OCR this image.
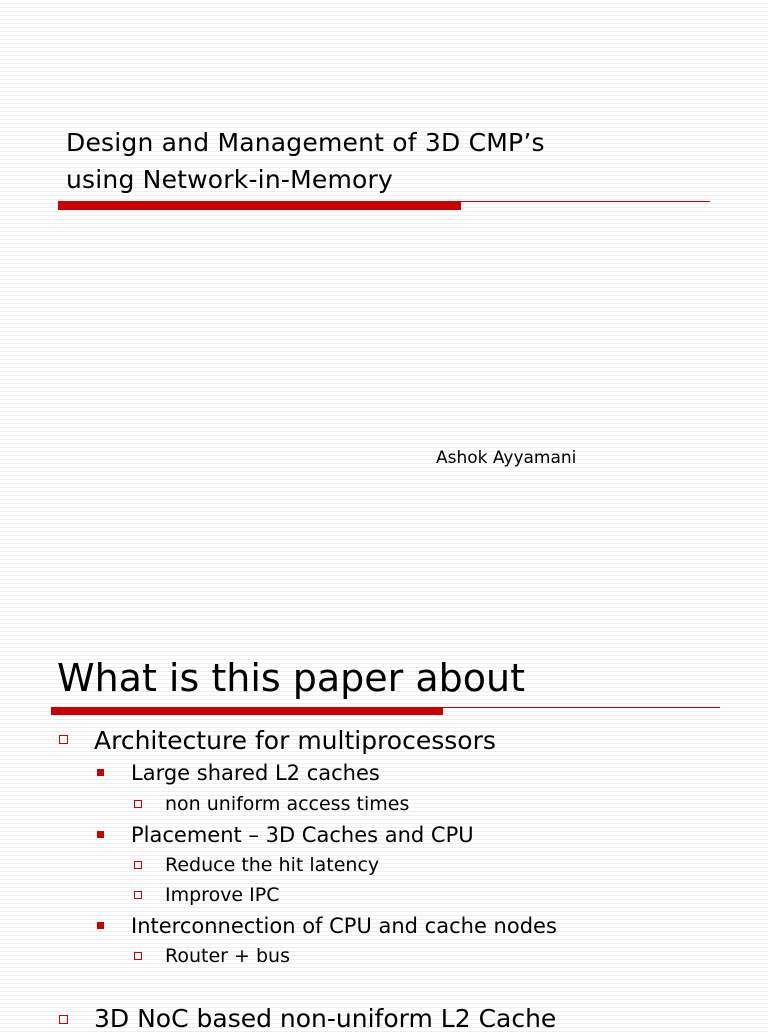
Design and Management of 3D CMP’s
using Network-in-Memory
Ashok Ayyamani
What is this paper about
Architecture for multiprocessors
Large shared L2 caches
non uniform access times
Placement – 3D Caches and CPU
Reduce the hit latency
Improve IPC
Interconnection of CPU and cache nodes
Router + bus
3D NoC based non-uniform L2 Cache
